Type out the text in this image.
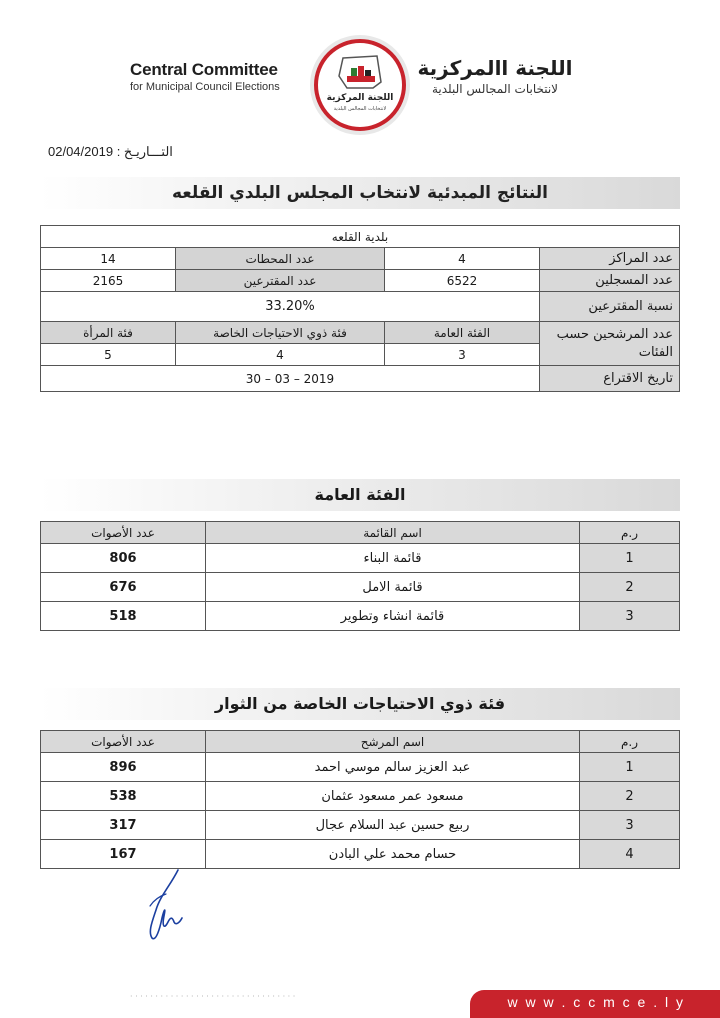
Central Committee
for Municipal Council Elections
اللجنة المركزية
لانتخابات المجالس البلدية
اللجنة االمركزية
لانتخابات المجالس البلدية
التـــاريـخ : 02/04/2019
النتائج المبدئية لانتخاب المجلس البلدي القلعه
بلدية القلعه			
عدد المراكز	4	عدد المحطات	14
عدد المسجلين	6522	عدد المقترعين	2165
نسبة المقترعين	33.20%		
عدد المرشحين حسب الفئات	الفئة العامة	فئة ذوي الاحتياجات الخاصة	فئة المرأة
	3	4	5
تاريخ الاقتراع	2019 – 03 – 30		
الفئة العامة
ر.م	اسم القائمة	عدد الأصوات
1	قائمة البناء	806
2	قائمة الامل	676
3	قائمة انشاء وتطوير	518
فئة ذوي الاحتياجات الخاصة من الثوار
ر.م	اسم المرشح	عدد الأصوات
1	عبد العزيز سالم موسي احمد	896
2	مسعود عمر مسعود عثمان	538
3	ربيع حسين عبد السلام عجال	317
4	حسام محمد علي البادن	167
· · · · · · · · · · · · · · · · · · · · · · · · · · · · · · · · ·	w w w . c c m c e . l y
